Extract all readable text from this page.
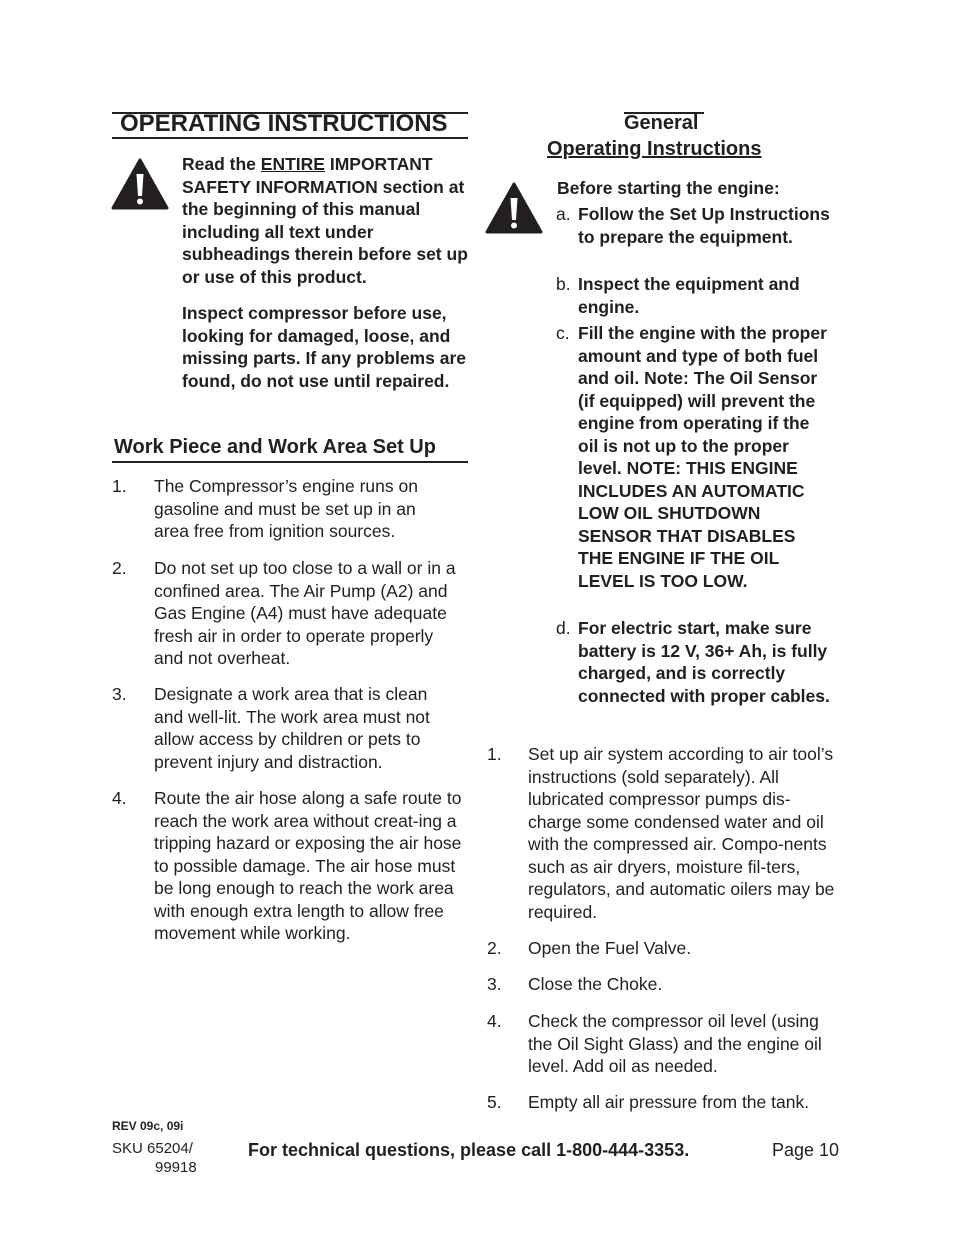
OPERATING INSTRUCTIONS
Read the ENTIRE IMPORTANT SAFETY INFORMATION section at the beginning of this manual including all text under subheadings therein before set up or use of this product.
Inspect compressor before use, looking for damaged, loose, and missing parts. If any problems are found, do not use until repaired.
Work Piece and Work Area Set Up
1. The Compressor’s engine runs on gasoline and must be set up in an area free from ignition sources.
2. Do not set up too close to a wall or in a confined area. The Air Pump (A2) and Gas Engine (A4) must have adequate fresh air in order to operate properly and not overheat.
3. Designate a work area that is clean and well-lit. The work area must not allow access by children or pets to prevent injury and distraction.
4. Route the air hose along a safe route to reach the work area without creat-ing a tripping hazard or exposing the air hose to possible damage. The air hose must be long enough to reach the work area with enough extra length to allow free movement while working.
General
Operating Instructions
Before starting the engine:
a. Follow the Set Up Instructions to prepare the equipment.
b. Inspect the equipment and engine.
c. Fill the engine with the proper amount and type of both fuel and oil. Note: The Oil Sensor (if equipped) will prevent the engine from operating if the oil is not up to the proper level. NOTE: THIS ENGINE INCLUDES AN AUTOMATIC LOW OIL SHUTDOWN SENSOR THAT DISABLES THE ENGINE IF THE OIL LEVEL IS TOO LOW.
d. For electric start, make sure battery is 12 V, 36+ Ah, is fully charged, and is correctly connected with proper cables.
1. Set up air system according to air tool’s instructions (sold separately). All lubricated compressor pumps dis-charge some condensed water and oil with the compressed air. Compo-nents such as air dryers, moisture fil-ters, regulators, and automatic oilers may be required.
2. Open the Fuel Valve.
3. Close the Choke.
4. Check the compressor oil level (using the Oil Sight Glass) and the engine oil level. Add oil as needed.
5. Empty all air pressure from the tank.
REV 09c, 09i
SKU 65204/
99918
For technical questions, please call 1-800-444-3353.	Page 10
